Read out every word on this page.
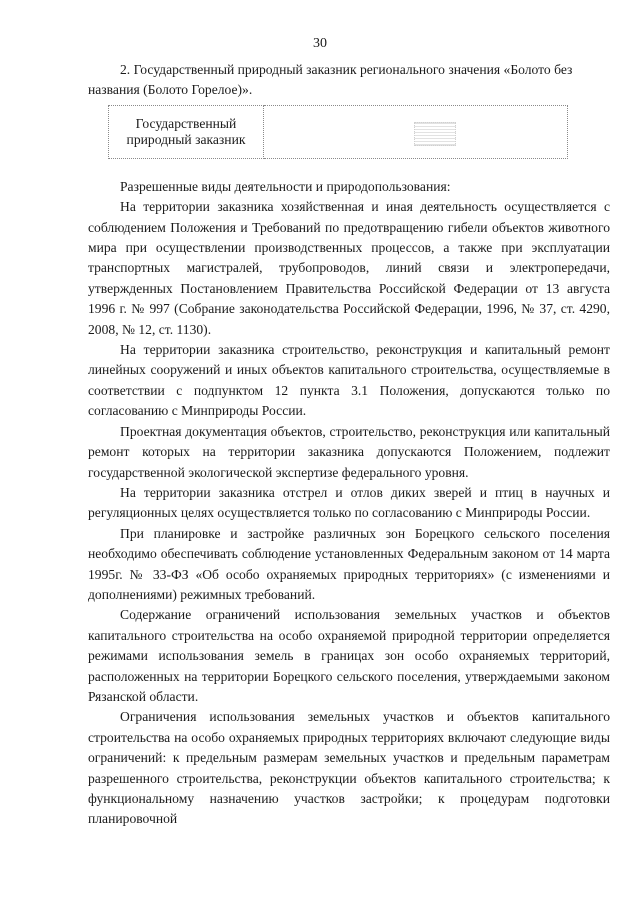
30

2. Государственный природный заказник регионального значения «Болото без названия (Болото Горелое)».

Государственный природный заказник	

Разрешенные виды деятельности и природопользования:

На территории заказника хозяйственная и иная деятельность осуществляется с соблюдением Положения и Требований по предотвращению гибели объектов животного мира при осуществлении производственных процессов, а также при эксплуатации транспортных магистралей, трубопроводов, линий связи и электропередачи, утвержденных Постановлением Правительства Российской Федерации от 13 августа 1996 г. № 997 (Собрание законодательства Российской Федерации, 1996, № 37, ст. 4290, 2008, № 12, ст. 1130).

На территории заказника строительство, реконструкция и капитальный ремонт линейных сооружений и иных объектов капитального строительства, осуществляемые в соответствии с подпунктом 12 пункта 3.1 Положения, допускаются только по согласованию с Минприроды России.

Проектная документация объектов, строительство, реконструкция или капитальный ремонт которых на территории заказника допускаются Положением, подлежит государственной экологической экспертизе федерального уровня.

На территории заказника отстрел и отлов диких зверей и птиц в научных и регуляционных целях осуществляется только по согласованию с Минприроды России.

При планировке и застройке различных зон Борецкого сельского поселения необходимо обеспечивать соблюдение установленных Федеральным законом от 14 марта 1995г. № 33-ФЗ «Об особо охраняемых природных территориях» (с изменениями и дополнениями) режимных требований.

Содержание ограничений использования земельных участков и объектов капитального строительства на особо охраняемой природной территории определяется режимами использования земель в границах зон особо охраняемых территорий, расположенных на территории Борецкого сельского поселения, утверждаемыми законом Рязанской области.

Ограничения использования земельных участков и объектов капитального строительства на особо охраняемых природных территориях включают следующие виды ограничений: к предельным размерам земельных участков и предельным параметрам разрешенного строительства, реконструкции объектов капитального строительства; к функциональному назначению участков застройки; к процедурам подготовки планировочной
